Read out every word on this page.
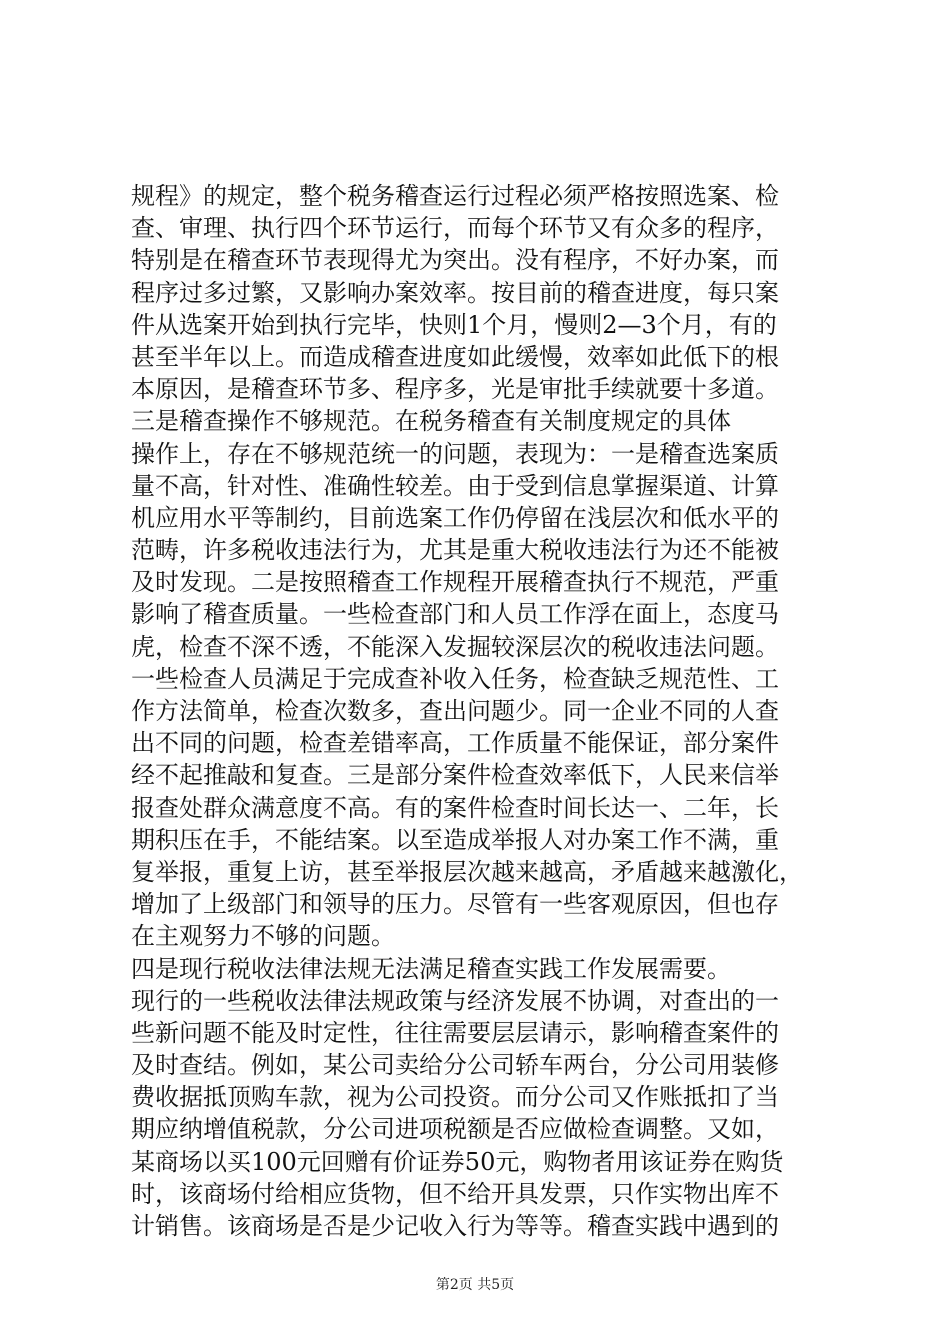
规程》的规定，整个税务稽查运行过程必须严格按照选案、检
查、审理、执行四个环节运行，而每个环节又有众多的程序，
特别是在稽查环节表现得尤为突出。没有程序，不好办案，而
程序过多过繁，又影响办案效率。按目前的稽查进度，每只案
件从选案开始到执行完毕，快则1个月，慢则2—3个月，有的
甚至半年以上。而造成稽查进度如此缓慢，效率如此低下的根
本原因，是稽查环节多、程序多，光是审批手续就要十多道。
三是稽查操作不够规范。在税务稽查有关制度规定的具体
操作上，存在不够规范统一的问题，表现为：一是稽查选案质
量不高，针对性、准确性较差。由于受到信息掌握渠道、计算
机应用水平等制约，目前选案工作仍停留在浅层次和低水平的
范畴，许多税收违法行为，尤其是重大税收违法行为还不能被
及时发现。二是按照稽查工作规程开展稽查执行不规范，严重
影响了稽查质量。一些检查部门和人员工作浮在面上，态度马
虎，检查不深不透，不能深入发掘较深层次的税收违法问题。
一些检查人员满足于完成查补收入任务，检查缺乏规范性、工
作方法简单，检查次数多，查出问题少。同一企业不同的人查
出不同的问题，检查差错率高，工作质量不能保证，部分案件
经不起推敲和复查。三是部分案件检查效率低下，人民来信举
报查处群众满意度不高。有的案件检查时间长达一、二年，长
期积压在手，不能结案。以至造成举报人对办案工作不满，重
复举报，重复上访，甚至举报层次越来越高，矛盾越来越激化，
增加了上级部门和领导的压力。尽管有一些客观原因，但也存
在主观努力不够的问题。
四是现行税收法律法规无法满足稽查实践工作发展需要。
现行的一些税收法律法规政策与经济发展不协调，对查出的一
些新问题不能及时定性，往往需要层层请示，影响稽查案件的
及时查结。例如，某公司卖给分公司轿车两台，分公司用装修
费收据抵顶购车款，视为公司投资。而分公司又作账抵扣了当
期应纳增值税款，分公司进项税额是否应做检查调整。又如，
某商场以买100元回赠有价证券50元，购物者用该证券在购货
时，该商场付给相应货物，但不给开具发票，只作实物出库不
计销售。该商场是否是少记收入行为等等。稽查实践中遇到的
第2页 共5页
